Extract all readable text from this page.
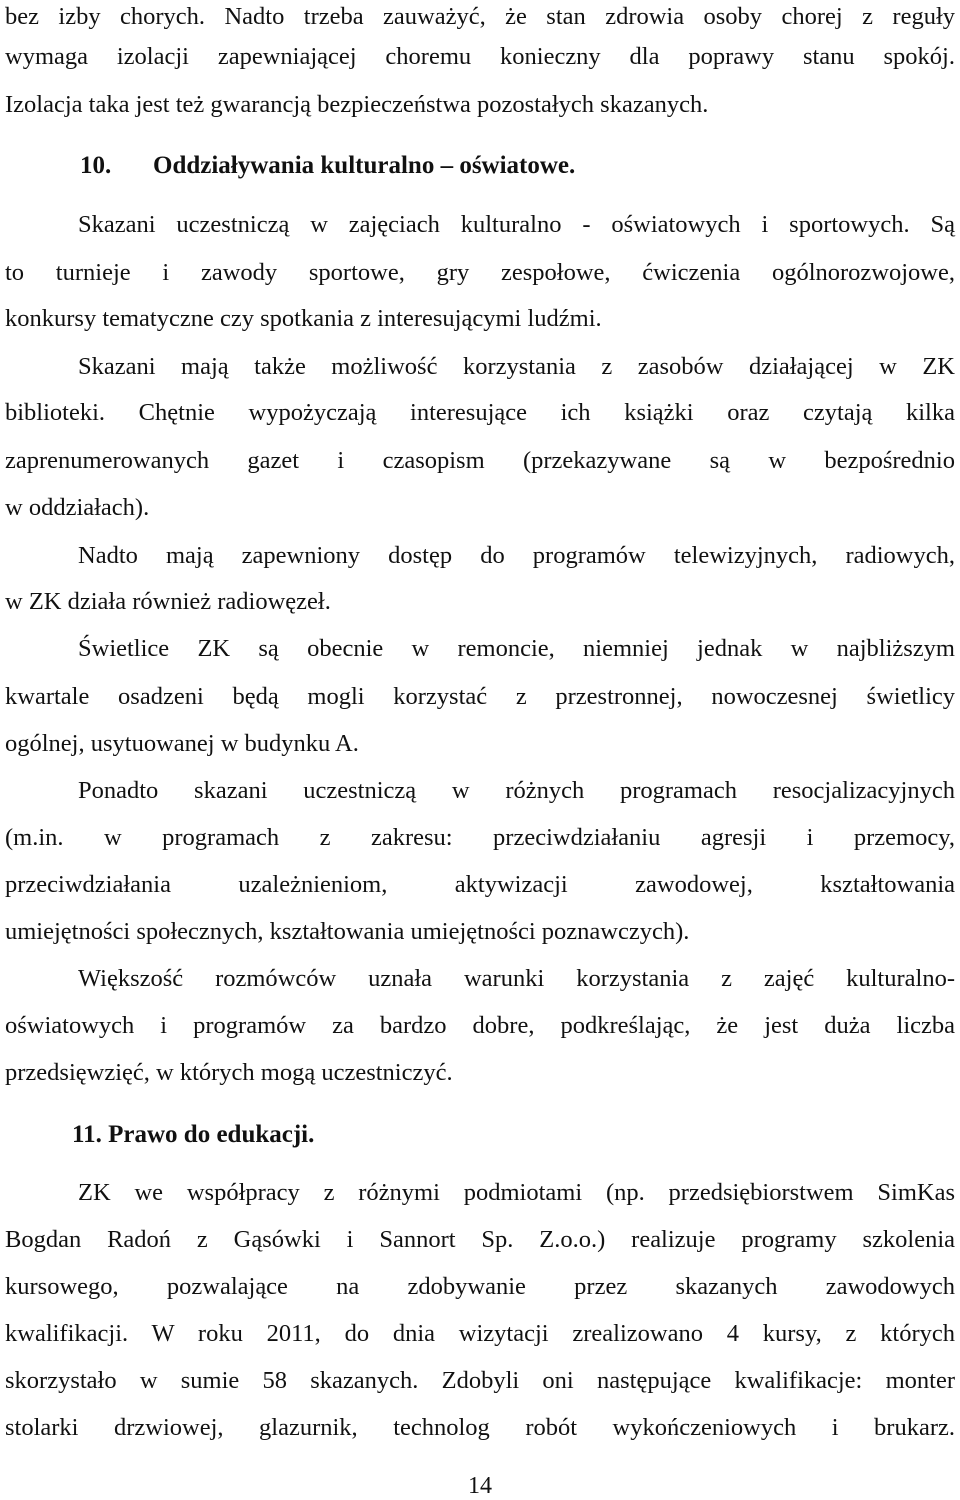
bez izby chorych. Nadto trzeba zauważyć, że stan zdrowia osoby chorej z reguły
wymaga izolacji zapewniającej choremu konieczny dla poprawy stanu spokój.
Izolacja taka jest też gwarancją bezpieczeństwa pozostałych skazanych.
10. Oddziaływania kulturalno – oświatowe.
Skazani uczestniczą w zajęciach kulturalno - oświatowych i sportowych. Są
to turnieje i zawody sportowe, gry zespołowe, ćwiczenia ogólnorozwojowe,
konkursy tematyczne czy spotkania z interesującymi ludźmi.
Skazani mają także możliwość korzystania z zasobów działającej w ZK
biblioteki. Chętnie wypożyczają interesujące ich książki oraz czytają kilka
zaprenumerowanych gazet i czasopism (przekazywane są w bezpośrednio
w oddziałach).
Nadto mają zapewniony dostęp do programów telewizyjnych, radiowych,
w ZK działa również radiowęzeł.
Świetlice ZK są obecnie w remoncie, niemniej jednak w najbliższym
kwartale osadzeni będą mogli korzystać z przestronnej, nowoczesnej świetlicy
ogólnej, usytuowanej w budynku A.
Ponadto skazani uczestniczą w różnych programach resocjalizacyjnych
(m.in. w programach z zakresu: przeciwdziałaniu agresji i przemocy,
przeciwdziałania uzależnieniom, aktywizacji zawodowej, kształtowania
umiejętności społecznych, kształtowania umiejętności poznawczych).
Większość rozmówców uznała warunki korzystania z zajęć kulturalno-
oświatowych i programów za bardzo dobre, podkreślając, że jest duża liczba
przedsięwzięć, w których mogą uczestniczyć.
11. Prawo do edukacji.
ZK we współpracy z różnymi podmiotami (np. przedsiębiorstwem SimKas
Bogdan Radoń z Gąsówki i Sannort Sp. Z.o.o.) realizuje programy szkolenia
kursowego, pozwalające na zdobywanie przez skazanych zawodowych
kwalifikacji. W roku 2011, do dnia wizytacji zrealizowano 4 kursy, z których
skorzystało w sumie 58 skazanych. Zdobyli oni następujące kwalifikacje: monter
stolarki drzwiowej, glazurnik, technolog robót wykończeniowych i brukarz.
14
